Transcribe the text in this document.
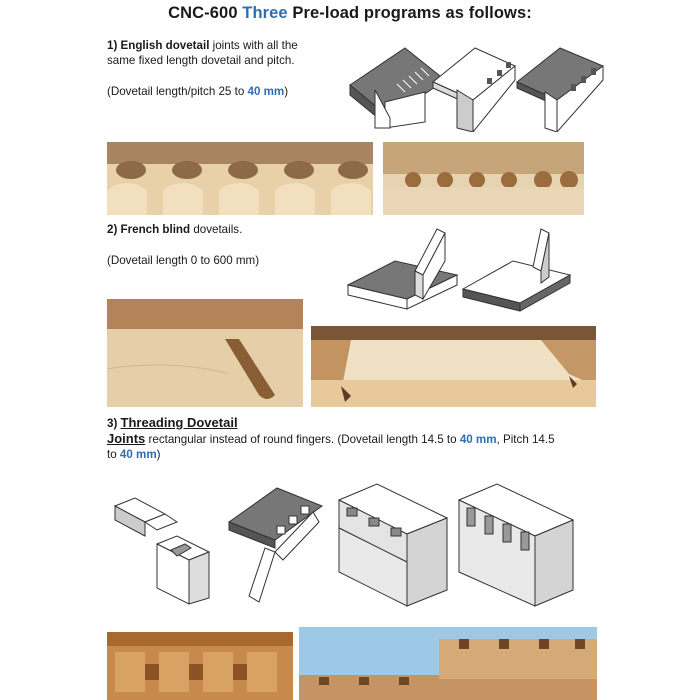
CNC-600 Three Pre-load programs as follows:
1) English dovetail joints with all the
same fixed length dovetail and pitch.
(Dovetail length/pitch 25 to 40 mm)
2) French blind dovetails.
(Dovetail length 0 to 600 mm)
3) Threading Dovetail
Joints rectangular instead of round fingers. (Dovetail length 14.5 to 40 mm, Pitch 14.5
to 40 mm)
